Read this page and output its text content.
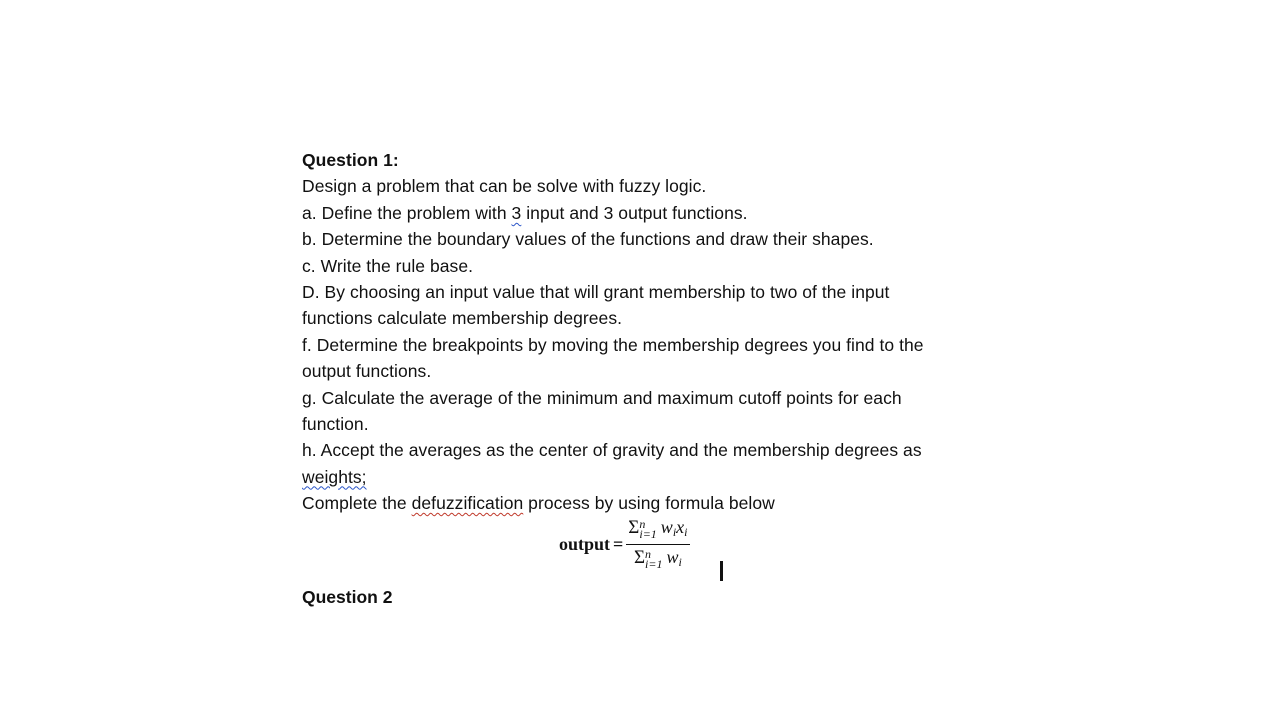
Question 1:
Design a problem that can be solve with fuzzy logic.
a. Define the problem with 3 input and 3 output functions.
b. Determine the boundary values of the functions and draw their shapes.
c. Write the rule base.
D. By choosing an input value that will grant membership to two of the input
functions calculate membership degrees.
f. Determine the breakpoints by moving the membership degrees you find to the
output functions.
g. Calculate the average of the minimum and maximum cutoff points for each
function.
h. Accept the averages as the center of gravity and the membership degrees as
weights;
Complete the defuzzification process by using formula below
output = Σ n
i=1 $w_ix_i$
Σ n
i=1 $w_i$
Question 2
